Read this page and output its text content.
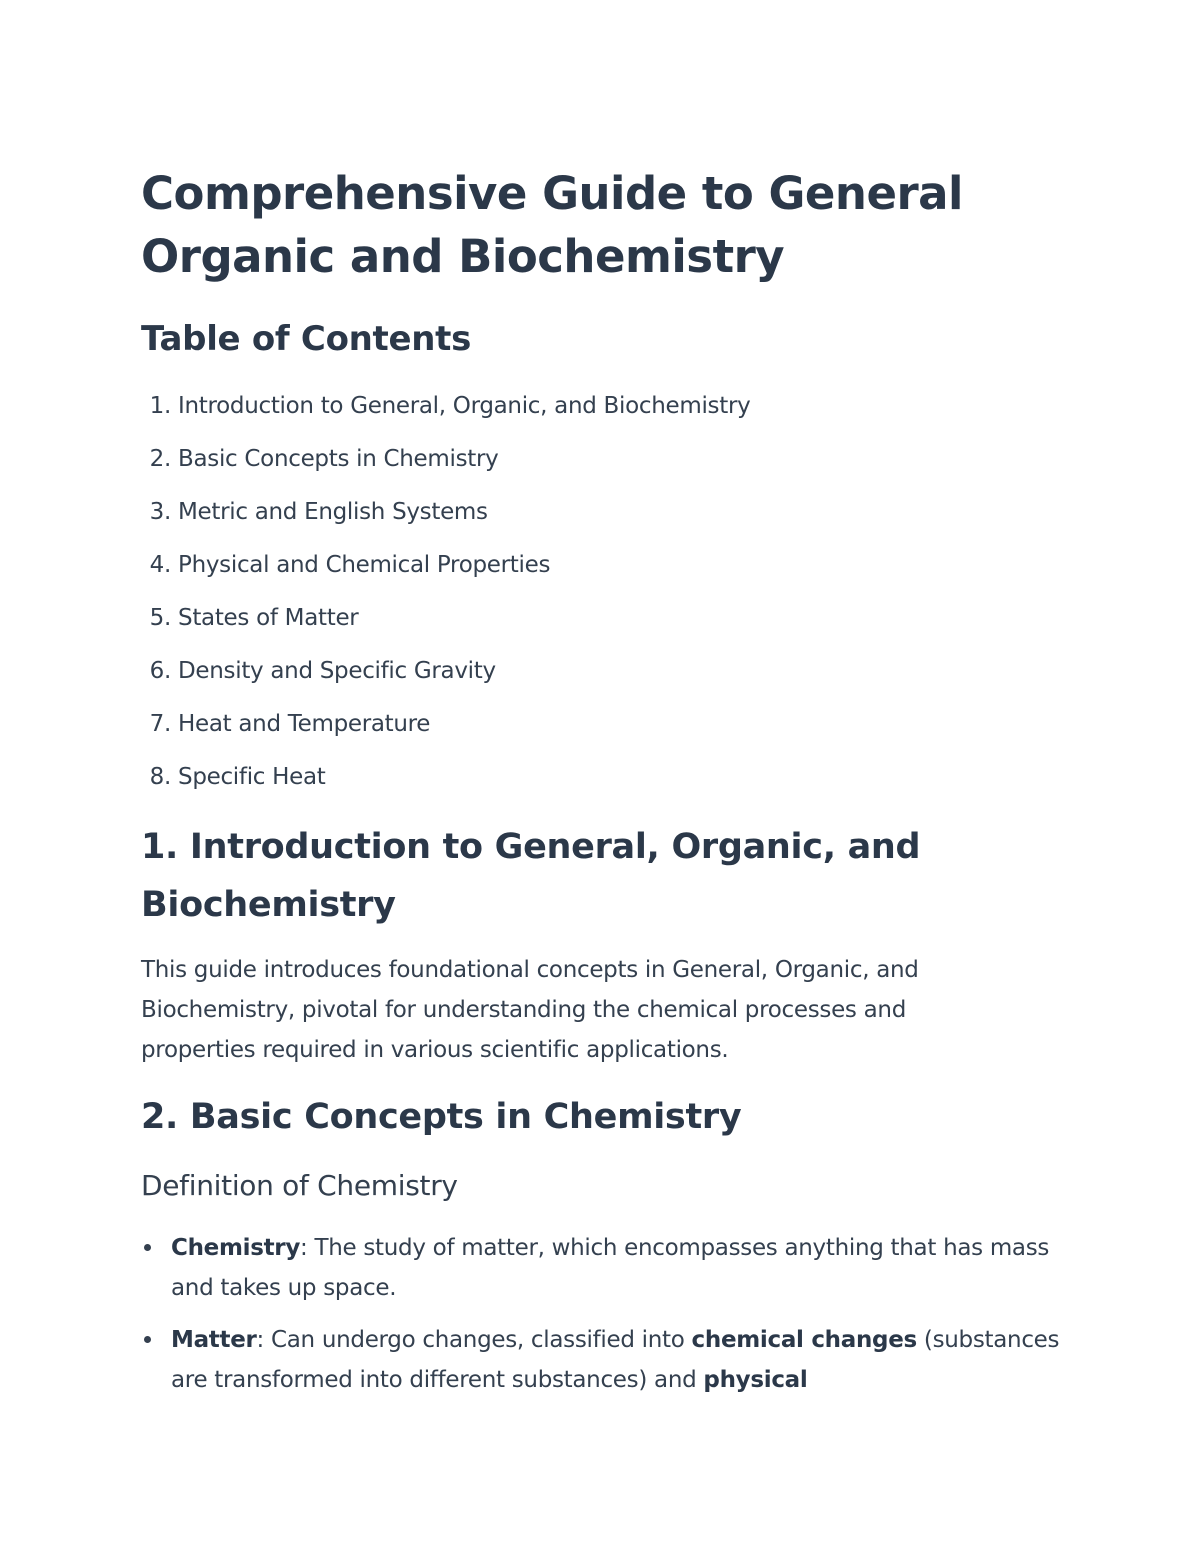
Comprehensive Guide to General Organic and Biochemistry
Table of Contents
1.
Introduction to General, Organic, and Biochemistry
2.
Basic Concepts in Chemistry
3.
Metric and English Systems
4.
Physical and Chemical Properties
5.
States of Matter
6.
Density and Specific Gravity
7.
Heat and Temperature
8.
Specific Heat
1. Introduction to General, Organic, and Biochemistry

This guide introduces foundational concepts in General, Organic, and Biochemistry, pivotal for understanding the chemical processes and properties required in various scientific applications.

2. Basic Concepts in Chemistry
Definition of Chemistry
Chemistry: The study of matter, which encompasses anything that has mass and takes up space.
Matter: Can undergo changes, classified into chemical changes (substances are transformed into different substances) and physical
